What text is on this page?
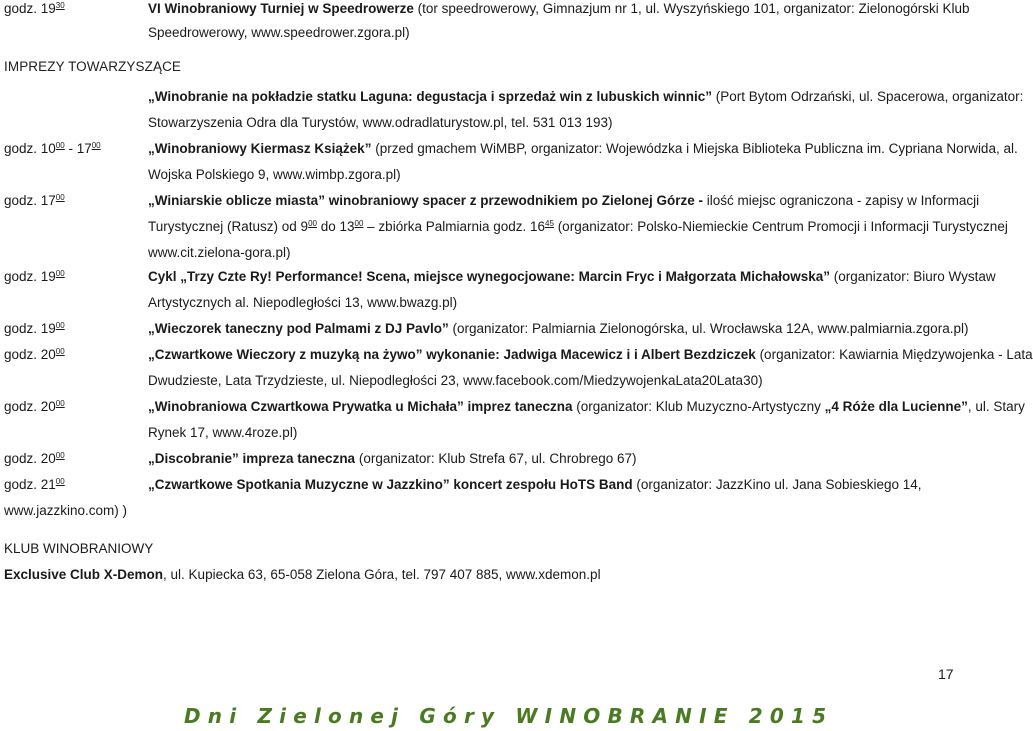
godz. $19^{30}$	VI Winobraniowy Turniej w Speedrowerze (tor speedrowerowy, Gimnazjum nr 1, ul. Wyszyńskiego 101, organizator: Zielonogórski Klub
Speedrowerowy, www.speedrower.zgora.pl)
IMPREZY TOWARZYSZĄCE
„Winobranie na pokładzie statku Laguna: degustacja i sprzedaż win z lubuskich winnic” (Port Bytom Odrzański, ul. Spacerowa, organizator:
Stowarzyszenia Odra dla Turystów, www.odradlaturystow.pl, tel. 531 013 193)
godz. $10^{00} - 17^{00}$	„Winobraniowy Kiermasz Książek” (przed gmachem WiMBP, organizator: Wojewódzka i Miejska Biblioteka Publiczna im. Cypriana Norwida, al.
Wojska Polskiego 9, www.wimbp.zgora.pl)
godz. $17^{00}$	„Winiarskie oblicze miasta” winobraniowy spacer z przewodnikiem po Zielonej Górze - ilość miejsc ograniczona - zapisy w Informacji
Turystycznej (Ratusz) od $9^{00}$ do $13^{00}$ – zbiórka Palmiarnia godz. $16^{45}$ (organizator: Polsko-Niemieckie Centrum Promocji i Informacji Turystycznej
www.cit.zielona-gora.pl)
godz. $19^{00}$	Cykl „Trzy Czte Ry! Performance! Scena, miejsce wynegocjowane: Marcin Fryc i Małgorzata Michałowska” (organizator: Biuro Wystaw
Artystycznych al. Niepodległości 13, www.bwazg.pl)
godz. $19^{00}$	„Wieczorek taneczny pod Palmami z DJ Pavlo” (organizator: Palmiarnia Zielonogórska, ul. Wrocławska 12A, www.palmiarnia.zgora.pl)
godz. $20^{00}$	„Czwartkowe Wieczory z muzyką na żywo” wykonanie: Jadwiga Macewicz i i Albert Bezdziczek (organizator: Kawiarnia Międzywojenka - Lata
Dwudzieste, Lata Trzydzieste, ul. Niepodległości 23, www.facebook.com/MiedzywojenkaLata20Lata30)
godz. $20^{00}$	„Winobraniowa Czwartkowa Prywatka u Michała” imprez taneczna (organizator: Klub Muzyczno-Artystyczny „4 Róże dla Lucienne”, ul. Stary
Rynek 17, www.4roze.pl)
godz. $20^{00}$	„Discobranie” impreza taneczna (organizator: Klub Strefa 67, ul. Chrobrego 67)
godz. $21^{00}$	„Czwartkowe Spotkania Muzyczne w Jazzkino” koncert zespołu HoTS Band (organizator: JazzKino ul. Jana Sobieskiego 14,
www.jazzkino.com) )
KLUB WINOBRANIOWY
Exclusive Club X-Demon, ul. Kupiecka 63, 65-058 Zielona Góra, tel. 797 407 885, www.xdemon.pl
17
Dni Zielonej Góry WINOBRANIE 2015
